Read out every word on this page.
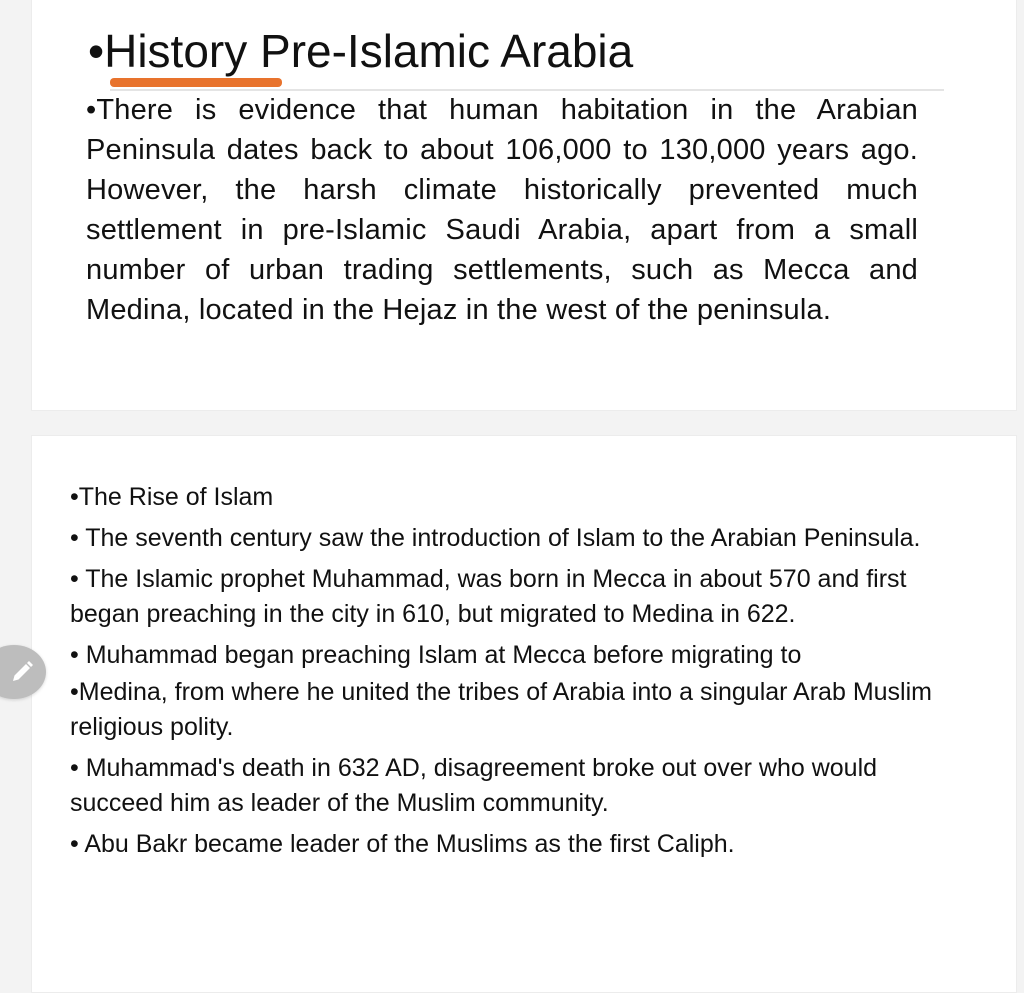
•History Pre-Islamic Arabia

•There is evidence that human habitation in the Arabian Peninsula dates back to about 106,000 to 130,000 years ago. However, the harsh climate historically prevented much settlement in pre-Islamic Saudi Arabia, apart from a small number of urban trading settlements, such as Mecca and Medina, located in the Hejaz in the west of the peninsula.

•The Rise of Islam
• The seventh century saw the introduction of Islam to the Arabian Peninsula.
• The Islamic prophet Muhammad, was born in Mecca in about 570 and first began preaching in the city in 610, but migrated to Medina in 622.
• Muhammad began preaching Islam at Mecca before migrating to
•Medina, from where he united the tribes of Arabia into a singular Arab Muslim religious polity.
• Muhammad's death in 632 AD, disagreement broke out over who would succeed him as leader of the Muslim community.
• Abu Bakr became leader of the Muslims as the first Caliph.
